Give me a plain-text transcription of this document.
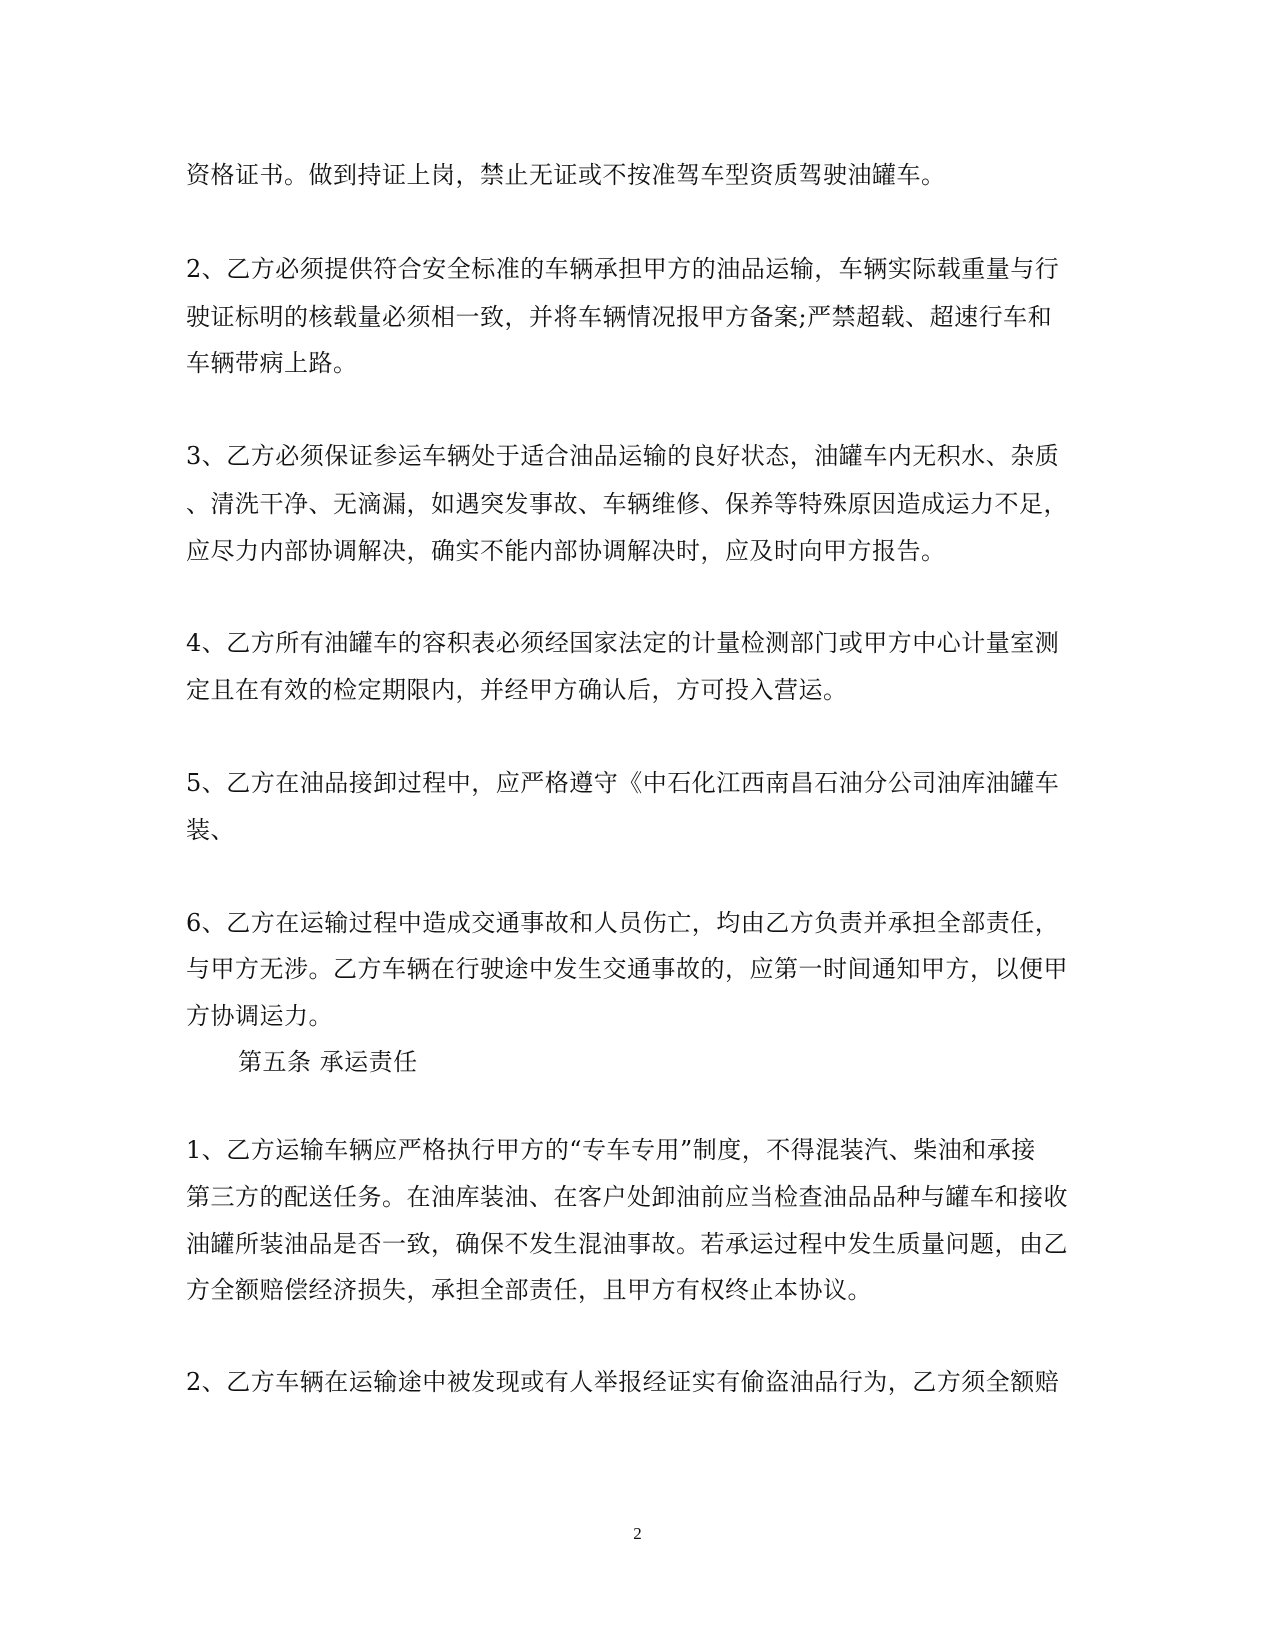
资格证书。做到持证上岗，禁止无证或不按准驾车型资质驾驶油罐车。
2、乙方必须提供符合安全标准的车辆承担甲方的油品运输，车辆实际载重量与行
驶证标明的核载量必须相一致，并将车辆情况报甲方备案;严禁超载、超速行车和
车辆带病上路。
3、乙方必须保证参运车辆处于适合油品运输的良好状态，油罐车内无积水、杂质
、清洗干净、无滴漏，如遇突发事故、车辆维修、保养等特殊原因造成运力不足，
应尽力内部协调解决，确实不能内部协调解决时，应及时向甲方报告。
4、乙方所有油罐车的容积表必须经国家法定的计量检测部门或甲方中心计量室测
定且在有效的检定期限内，并经甲方确认后，方可投入营运。
5、乙方在油品接卸过程中，应严格遵守《中石化江西南昌石油分公司油库油罐车
装、
6、乙方在运输过程中造成交通事故和人员伤亡，均由乙方负责并承担全部责任，
与甲方无涉。乙方车辆在行驶途中发生交通事故的，应第一时间通知甲方，以便甲
方协调运力。
第五条 承运责任
1、乙方运输车辆应严格执行甲方的“专车专用”制度，不得混装汽、柴油和承接
第三方的配送任务。在油库装油、在客户处卸油前应当检查油品品种与罐车和接收
油罐所装油品是否一致，确保不发生混油事故。若承运过程中发生质量问题，由乙
方全额赔偿经济损失，承担全部责任，且甲方有权终止本协议。
2、乙方车辆在运输途中被发现或有人举报经证实有偷盗油品行为，乙方须全额赔
2
